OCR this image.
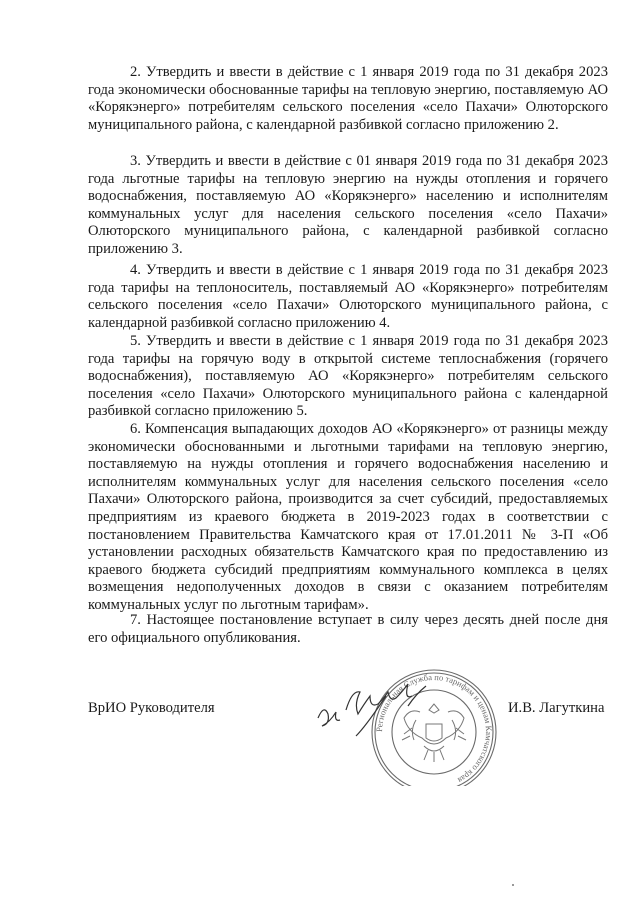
2. Утвердить и ввести в действие с 1 января 2019 года по 31 декабря 2023 года экономически обоснованные тарифы на тепловую энергию, поставляемую АО «Корякэнерго» потребителям сельского поселения «село Пахачи» Олюторского муниципального района, с календарной разбивкой согласно приложению 2.

3. Утвердить и ввести в действие с 01 января 2019 года по 31 декабря 2023 года льготные тарифы на тепловую энергию на нужды отопления и горячего водоснабжения, поставляемую АО «Корякэнерго» населению и исполнителям коммунальных услуг для населения сельского поселения «село Пахачи» Олюторского муниципального района, с календарной разбивкой согласно приложению 3.

4. Утвердить и ввести в действие с 1 января 2019 года по 31 декабря 2023 года тарифы на теплоноситель, поставляемый АО «Корякэнерго» потребителям сельского поселения «село Пахачи» Олюторского муниципального района, с календарной разбивкой согласно приложению 4.

5. Утвердить и ввести в действие с 1 января 2019 года по 31 декабря 2023 года тарифы на горячую воду в открытой системе теплоснабжения (горячего водоснабжения), поставляемую АО «Корякэнерго» потребителям сельского поселения «село Пахачи» Олюторского муниципального района с календарной разбивкой согласно приложению 5.

6. Компенсация выпадающих доходов АО «Корякэнерго» от разницы между экономически обоснованными и льготными тарифами на тепловую энергию, поставляемую на нужды отопления и горячего водоснабжения населению и исполнителям коммунальных услуг для населения сельского поселения «село Пахачи» Олюторского района, производится за счет субсидий, предоставляемых предприятиям из краевого бюджета в 2019-2023 годах в соответствии с постановлением Правительства Камчатского края от 17.01.2011 № 3-П «Об установлении расходных обязательств Камчатского края по предоставлению из краевого бюджета субсидий предприятиям коммунального комплекса в целях возмещения недополученных доходов в связи с оказанием потребителям коммунальных услуг по льготным тарифам».

7. Настоящее постановление вступает в силу через десять дней после дня его официального опубликования.

ВрИО Руководителя
Региональная Служба по тарифам и ценам Камчатского края
И.В. Лагуткина
